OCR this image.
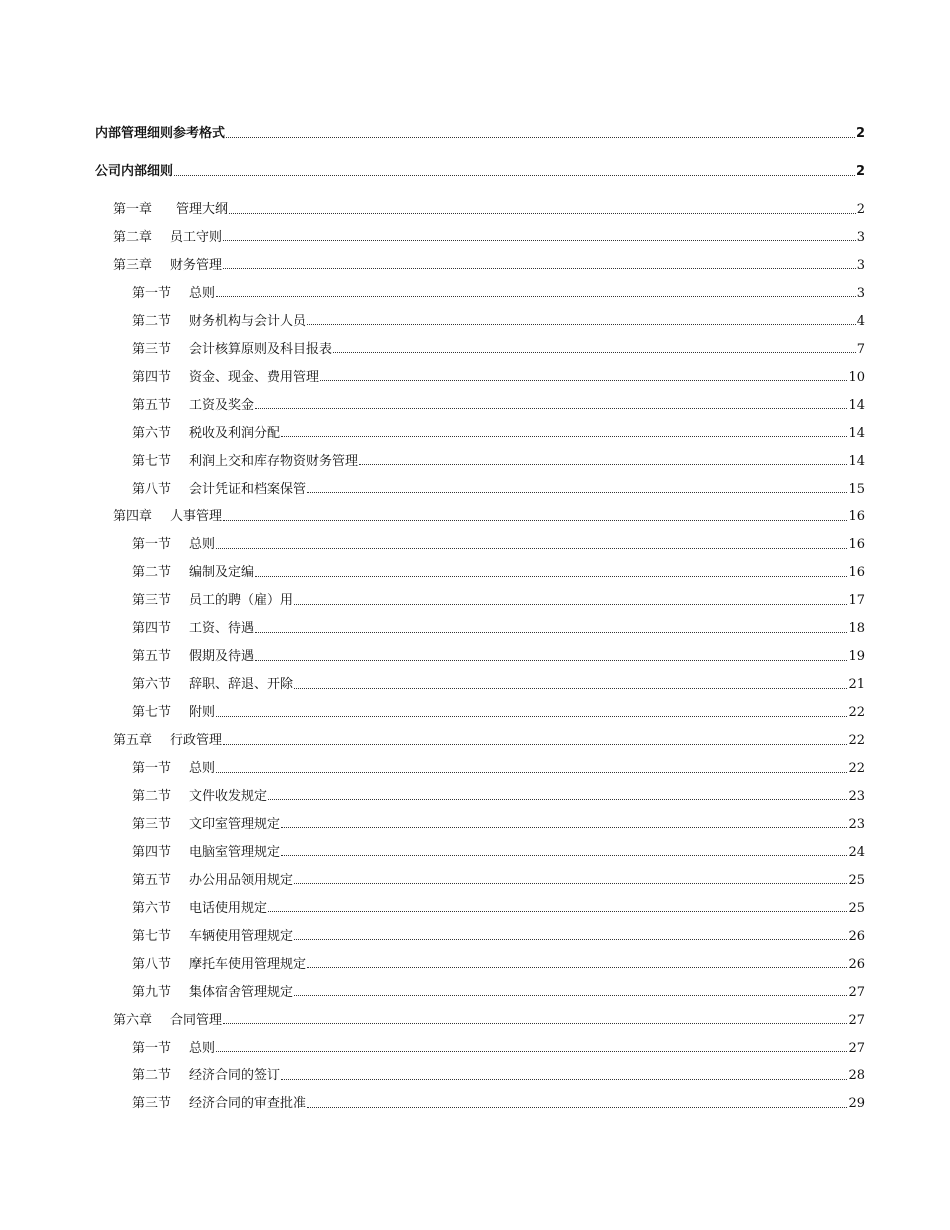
内部管理细则参考格式	2
公司内部细则	2
第一章 管理大纲	2
第二章 员工守则	3
第三章 财务管理	3
第一节 总则	3
第二节 财务机构与会计人员	4
第三节 会计核算原则及科目报表	7
第四节 资金、现金、费用管理	10
第五节 工资及奖金	14
第六节 税收及利润分配	14
第七节 利润上交和库存物资财务管理	14
第八节 会计凭证和档案保管	15
第四章 人事管理	16
第一节 总则	16
第二节 编制及定编	16
第三节 员工的聘（雇）用	17
第四节 工资、待遇	18
第五节 假期及待遇	19
第六节 辞职、辞退、开除	21
第七节 附则	22
第五章 行政管理	22
第一节 总则	22
第二节 文件收发规定	23
第三节 文印室管理规定	23
第四节 电脑室管理规定	24
第五节 办公用品领用规定	25
第六节 电话使用规定	25
第七节 车辆使用管理规定	26
第八节 摩托车使用管理规定	26
第九节 集体宿舍管理规定	27
第六章 合同管理	27
第一节 总则	27
第二节 经济合同的签订	28
第三节 经济合同的审查批准	29
